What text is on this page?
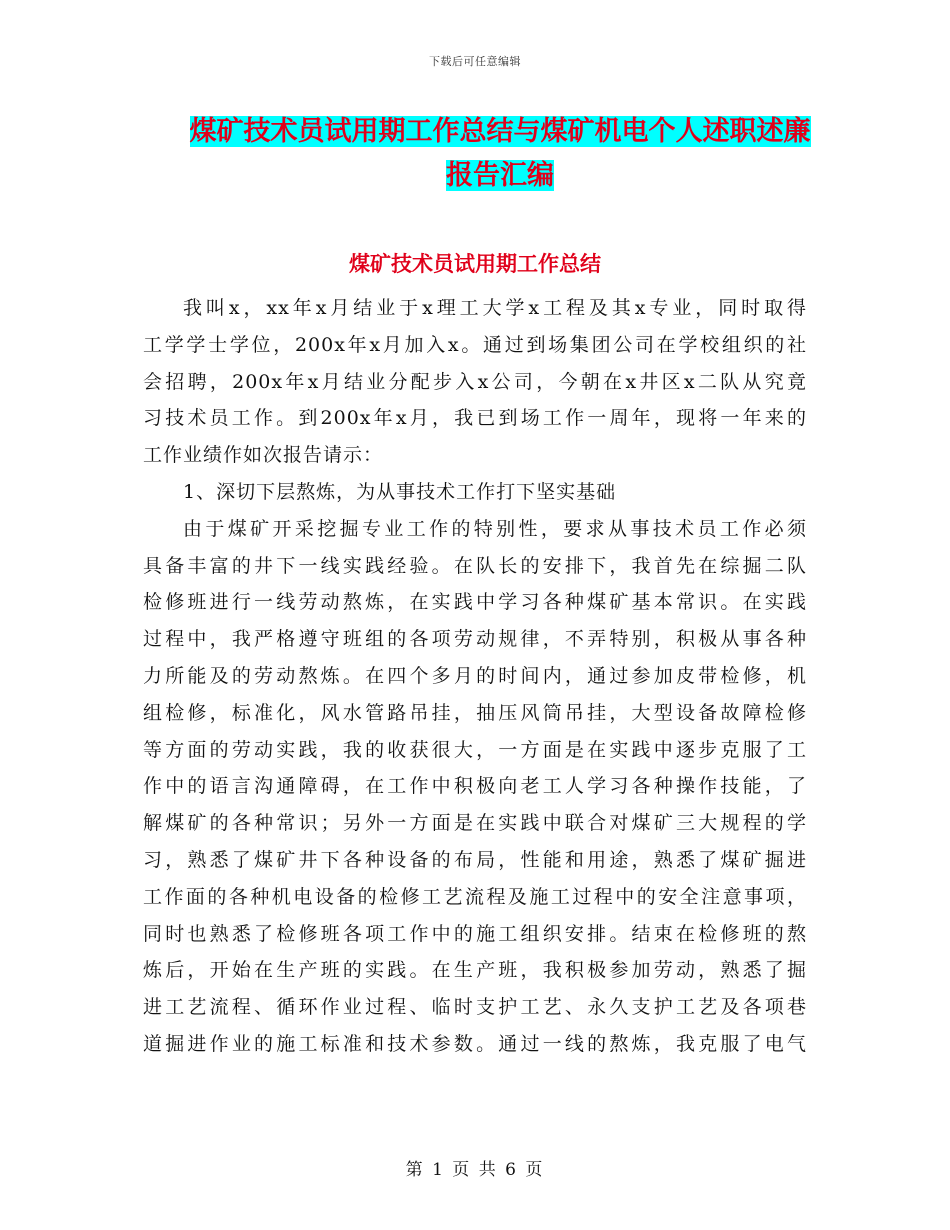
下载后可任意编辑
煤矿技术员试用期工作总结与煤矿机电个人述职述廉
报告汇编
煤矿技术员试用期工作总结
我叫x，xx年x月结业于x理工大学x工程及其x专业，同时取得
工学学士学位，200x年x月加入x。通过到场集团公司在学校组织的社
会招聘，200x年x月结业分配步入x公司，今朝在x井区x二队从究竟
习技术员工作。到200x年x月，我已到场工作一周年，现将一年来的
工作业绩作如次报告请示：
1、深切下层熬炼，为从事技术工作打下坚实基础
由于煤矿开采挖掘专业工作的特别性，要求从事技术员工作必须
具备丰富的井下一线实践经验。在队长的安排下，我首先在综掘二队
检修班进行一线劳动熬炼，在实践中学习各种煤矿基本常识。在实践
过程中，我严格遵守班组的各项劳动规律，不弄特别，积极从事各种
力所能及的劳动熬炼。在四个多月的时间内，通过参加皮带检修，机
组检修，标准化，风水管路吊挂，抽压风筒吊挂，大型设备故障检修
等方面的劳动实践，我的收获很大，一方面是在实践中逐步克服了工
作中的语言沟通障碍，在工作中积极向老工人学习各种操作技能，了
解煤矿的各种常识；另外一方面是在实践中联合对煤矿三大规程的学
习，熟悉了煤矿井下各种设备的布局，性能和用途，熟悉了煤矿掘进
工作面的各种机电设备的检修工艺流程及施工过程中的安全注意事项，
同时也熟悉了检修班各项工作中的施工组织安排。结束在检修班的熬
炼后，开始在生产班的实践。在生产班，我积极参加劳动，熟悉了掘
进工艺流程、循环作业过程、临时支护工艺、永久支护工艺及各项巷
道掘进作业的施工标准和技术参数。通过一线的熬炼，我克服了电气
第 1 页 共 6 页
